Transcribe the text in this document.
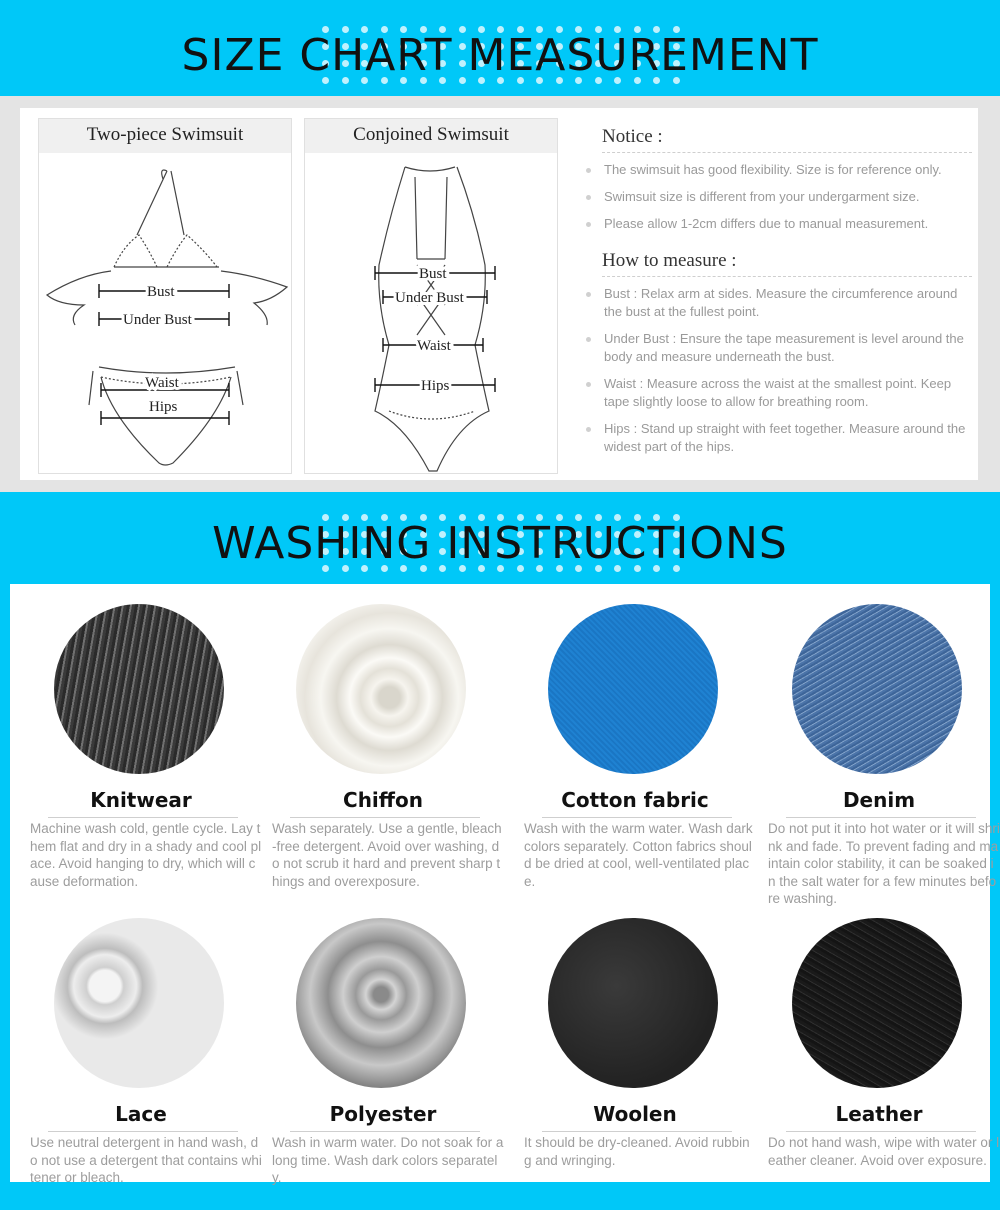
SIZE CHART MEASUREMENT
Two-piece Swimsuit
Bust
Under Bust
Waist
Hips
Conjoined Swimsuit
Bust
Under Bust
Waist
Hips
Notice :
The swimsuit has good flexibility. Size is for reference only.
Swimsuit size is different from your undergarment size.
Please allow 1-2cm differs due to manual measurement.
How to measure :
Bust : Relax arm at sides. Measure the circumference around the bust at the fullest point.
Under Bust : Ensure the tape measurement is level around the body and measure underneath the bust.
Waist : Measure across the waist at the smallest point. Keep tape slightly loose to allow for breathing room.
Hips : Stand up straight with feet together. Measure around the widest part of the hips.
WASHING INSTRUCTIONS
Knitwear
Machine wash cold, gentle cycle. Lay them flat and dry in a shady and cool place. Avoid hanging to dry, which will cause deformation.
Chiffon
Wash separately. Use a gentle, bleach-free detergent. Avoid over washing, do not scrub it hard and prevent sharp things and overexposure.
Cotton fabric
Wash with the warm water. Wash dark colors separately. Cotton fabrics should be dried at cool, well-ventilated place.
Denim
Do not put it into hot water or it will shrink and fade. To prevent fading and maintain color stability, it can be soaked in the salt water for a few minutes before washing.
Lace
Use neutral detergent in hand wash, do not use a detergent that contains whitener or bleach.
Polyester
Wash in warm water. Do not soak for a long time. Wash dark colors separately.
Woolen
It should be dry-cleaned. Avoid rubbing and wringing.
Leather
Do not hand wash, wipe with water or leather cleaner. Avoid over exposure.
